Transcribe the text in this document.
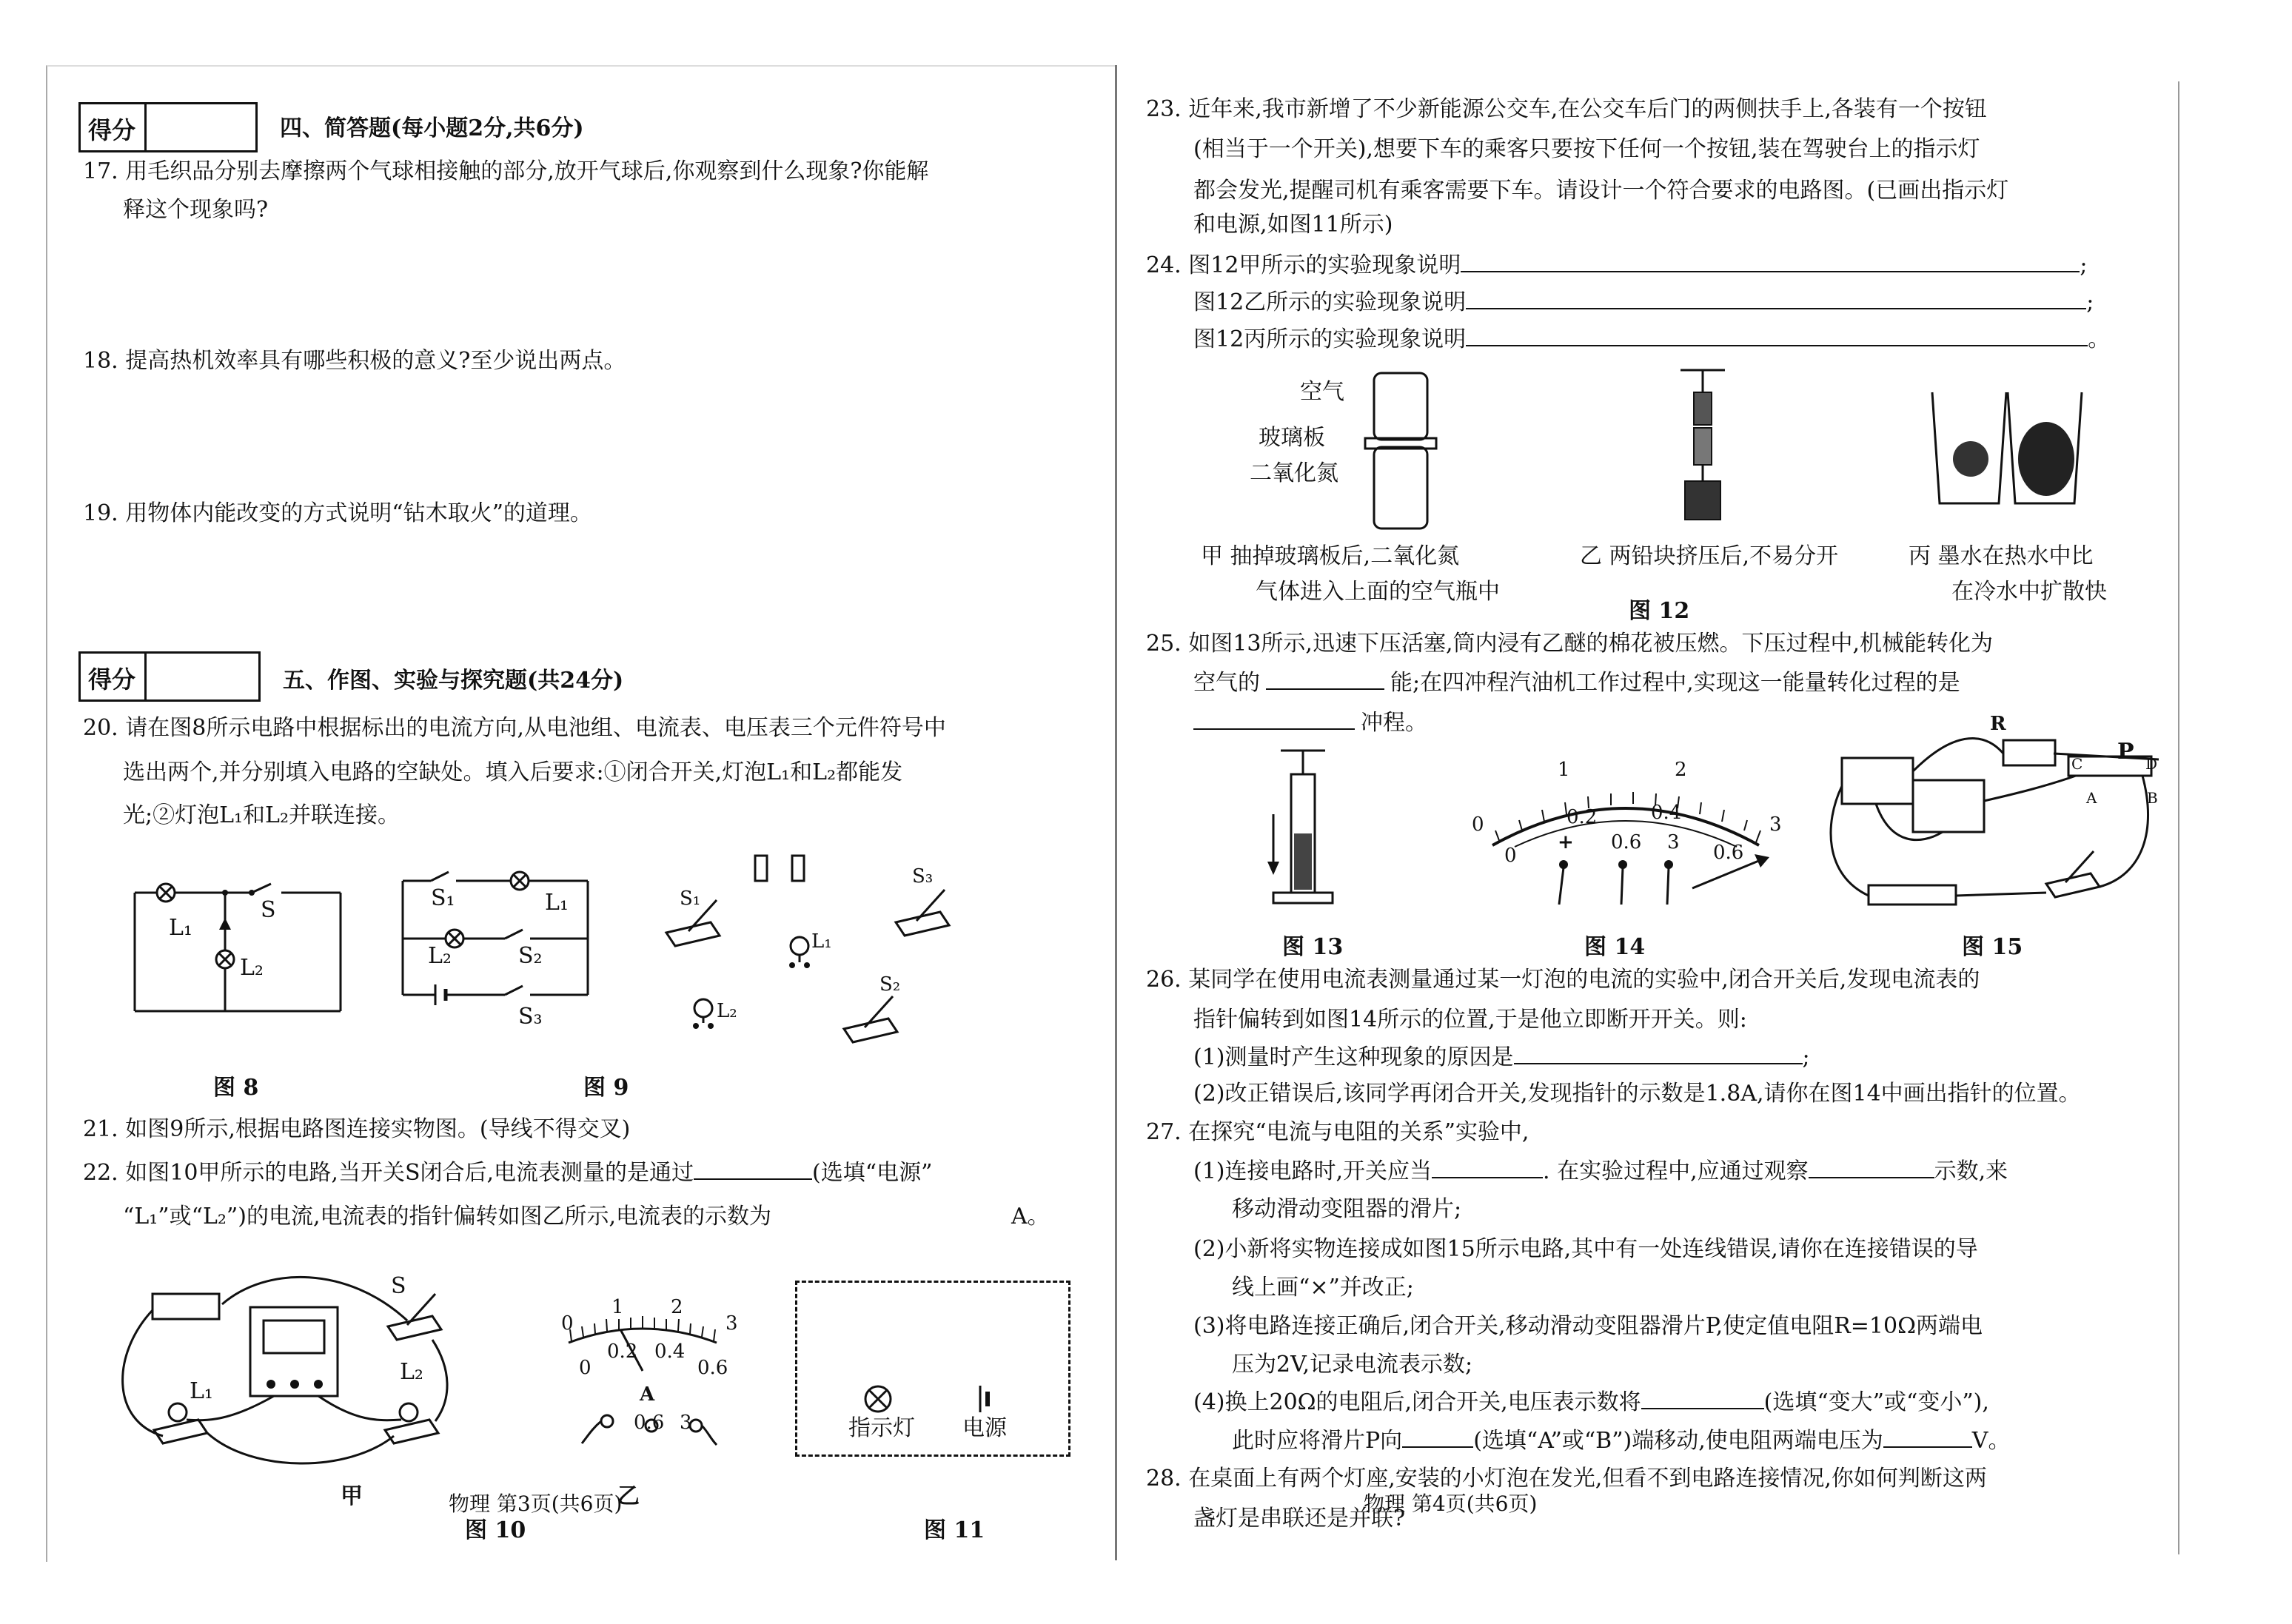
得分	四、简答题(每小题2分,共6分)
17. 用毛织品分别去摩擦两个气球相接触的部分,放开气球后,你观察到什么现象?你能解
释这个现象吗?
18. 提高热机效率具有哪些积极的意义?至少说出两点。
19. 用物体内能改变的方式说明“钻木取火”的道理。
得分	五、作图、实验与探究题(共24分)
20. 请在图8所示电路中根据标出的电流方向,从电池组、电流表、电压表三个元件符号中
选出两个,并分别填入电路的空缺处。填入后要求:①闭合开关,灯泡L₁和L₂都能发
光;②灯泡L₁和L₂并联连接。
L₁
S
L₂
图 8
S₁	L₁
L₂	S₂
S₃
图 9
S₁
S₃
L₁
S₂
L₂
21. 如图9所示,根据电路图连接实物图。(导线不得交叉)
22. 如图10甲所示的电路,当开关S闭合后,电流表测量的是通过	(选填“电源”
“L₁”或“L₂”)的电流,电流表的指针偏转如图乙所示,电流表的示数为	A。
S
L₁
L₂
甲
0
1 2
3
0
0.2 0.4
0.6
A
0.6 3
乙
指示灯 电源
图 10	图 11
物理 第3页(共6页)
23. 近年来,我市新增了不少新能源公交车,在公交车后门的两侧扶手上,各装有一个按钮
(相当于一个开关),想要下车的乘客只要按下任何一个按钮,装在驾驶台上的指示灯
都会发光,提醒司机有乘客需要下车。请设计一个符合要求的电路图。(已画出指示灯
和电源,如图11所示)
24. 图12甲所示的实验现象说明	;
图12乙所示的实验现象说明	;
图12丙所示的实验现象说明	。
空气
玻璃板
二氧化氮
甲 抽掉玻璃板后,二氧化氮
气体进入上面的空气瓶中
乙 两铅块挤压后,不易分开	丙 墨水在热水中比
在冷水中扩散快
图 12
25. 如图13所示,迅速下压活塞,筒内浸有乙醚的棉花被压燃。下压过程中,机械能转化为
空气的	能;在四冲程汽油机工作过程中,实现这一能量转化过程的是
冲程。
图 13
0
1	2
3
0
0.2	0.4
+ 0.6 3 0.6
图 14
R
P
C	D
A	B
图 15
26. 某同学在使用电流表测量通过某一灯泡的电流的实验中,闭合开关后,发现电流表的
指针偏转到如图14所示的位置,于是他立即断开开关。则:
(1)测量时产生这种现象的原因是	;
(2)改正错误后,该同学再闭合开关,发现指针的示数是1.8A,请你在图14中画出指针的位置。
27. 在探究“电流与电阻的关系”实验中,
(1)连接电路时,开关应当	. 在实验过程中,应通过观察	示数,来
移动滑动变阻器的滑片;
(2)小新将实物连接成如图15所示电路,其中有一处连线错误,请你在连接错误的导
线上画“×”并改正;
(3)将电路连接正确后,闭合开关,移动滑动变阻器滑片P,使定值电阻R=10Ω两端电
压为2V,记录电流表示数;
(4)换上20Ω的电阻后,闭合开关,电压表示数将	(选填“变大”或“变小”),
此时应将滑片P向	(选填“A”或“B”)端移动,使电阻两端电压为	V。
28. 在桌面上有两个灯座,安装的小灯泡在发光,但看不到电路连接情况,你如何判断这两
物理 第4页(共6页)
盏灯是串联还是并联?
